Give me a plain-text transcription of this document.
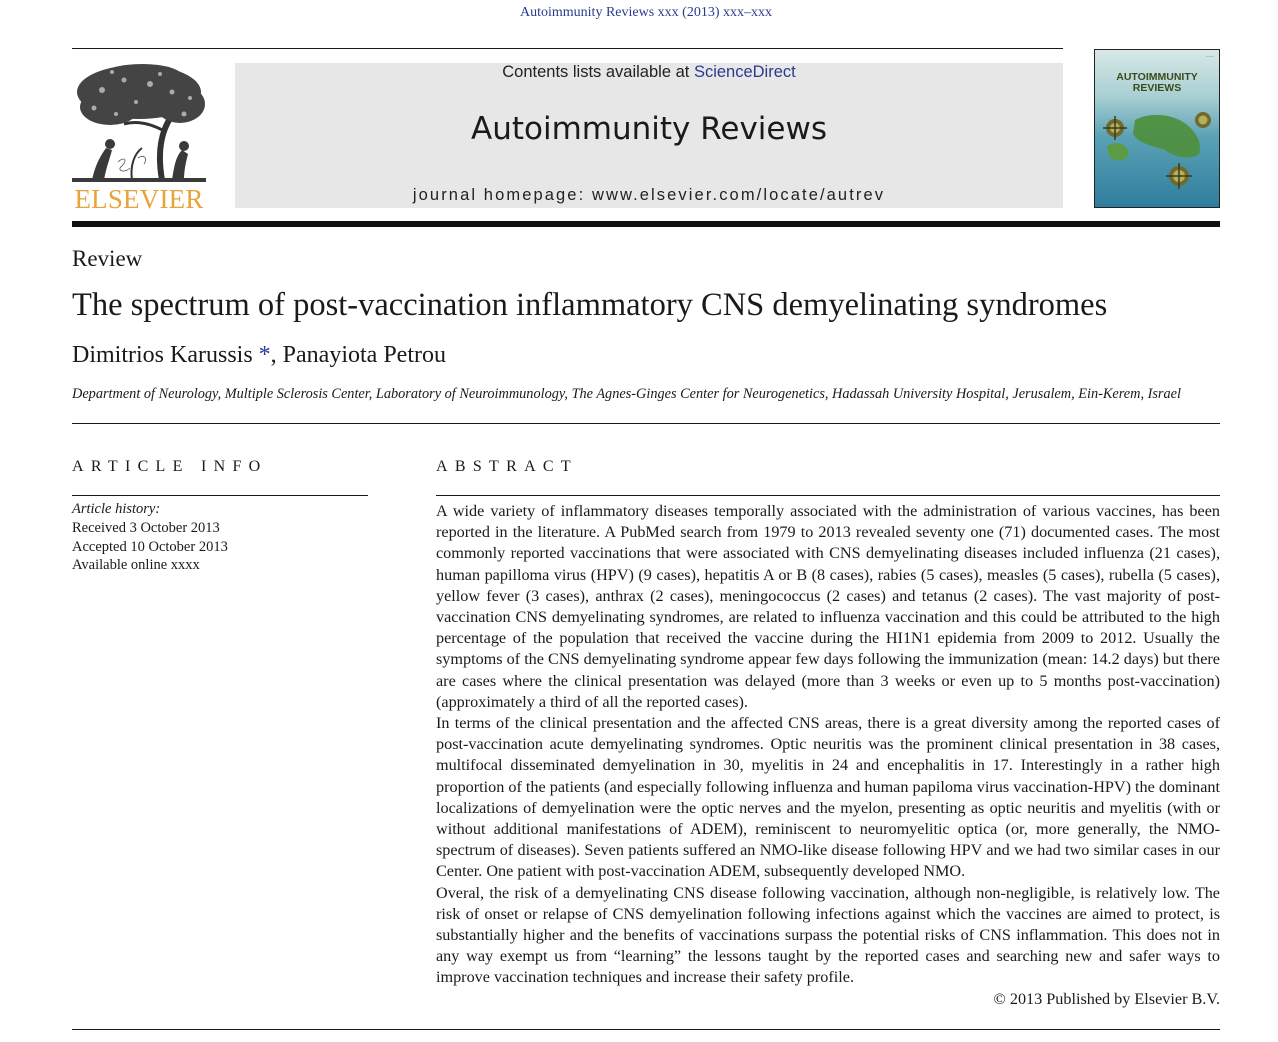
Autoimmunity Reviews xxx (2013) xxx–xxx
ELSEVIER
Contents lists available at ScienceDirect
Autoimmunity Reviews
journal homepage: www.elsevier.com/locate/autrev
——
AUTOIMMUNITY REVIEWS
Review
The spectrum of post-vaccination inflammatory CNS demyelinating syndromes
Dimitrios Karussis *, Panayiota Petrou
Department of Neurology, Multiple Sclerosis Center, Laboratory of Neuroimmunology, The Agnes-Ginges Center for Neurogenetics, Hadassah University Hospital, Jerusalem, Ein-Kerem, Israel
ARTICLE INFO
Article history:
Received 3 October 2013
Accepted 10 October 2013
Available online xxxx
ABSTRACT

A wide variety of inflammatory diseases temporally associated with the administration of various vaccines, has been reported in the literature. A PubMed search from 1979 to 2013 revealed seventy one (71) documented cases. The most commonly reported vaccinations that were associated with CNS demyelinating diseases included influenza (21 cases), human papilloma virus (HPV) (9 cases), hepatitis A or B (8 cases), rabies (5 cases), measles (5 cases), rubella (5 cases), yellow fever (3 cases), anthrax (2 cases), meningococcus (2 cases) and tetanus (2 cases). The vast majority of post-vaccination CNS demyelinating syndromes, are related to influenza vaccination and this could be attributed to the high percentage of the population that received the vaccine during the HI1N1 epidemia from 2009 to 2012. Usually the symptoms of the CNS demyelinating syndrome appear few days following the immunization (mean: 14.2 days) but there are cases where the clinical presentation was delayed (more than 3 weeks or even up to 5 months post-vaccination) (approximately a third of all the reported cases).

In terms of the clinical presentation and the affected CNS areas, there is a great diversity among the reported cases of post-vaccination acute demyelinating syndromes. Optic neuritis was the prominent clinical presentation in 38 cases, multifocal disseminated demyelination in 30, myelitis in 24 and encephalitis in 17. Interestingly in a rather high proportion of the patients (and especially following influenza and human papiloma virus vaccination-HPV) the dominant localizations of demyelination were the optic nerves and the myelon, presenting as optic neuritis and myelitis (with or without additional manifestations of ADEM), reminiscent to neuromyelitic optica (or, more generally, the NMO-spectrum of diseases). Seven patients suffered an NMO-like disease following HPV and we had two similar cases in our Center. One patient with post-vaccination ADEM, subsequently developed NMO.

Overal, the risk of a demyelinating CNS disease following vaccination, although non-negligible, is relatively low. The risk of onset or relapse of CNS demyelination following infections against which the vaccines are aimed to protect, is substantially higher and the benefits of vaccinations surpass the potential risks of CNS inflammation. This does not in any way exempt us from “learning” the lessons taught by the reported cases and searching new and safer ways to improve vaccination techniques and increase their safety profile.

© 2013 Published by Elsevier B.V.
